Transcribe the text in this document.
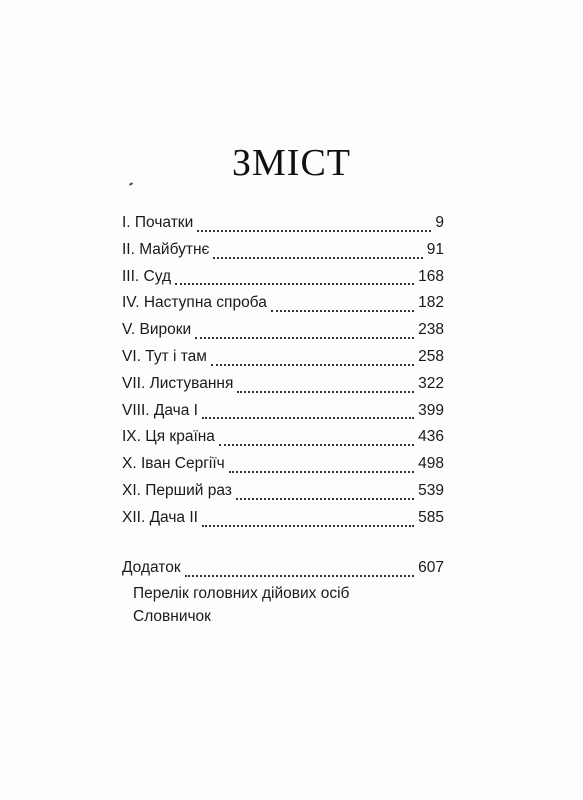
ЗМІСТ
I. Початки	9
II. Майбутнє	91
III. Суд	168
IV. Наступна спроба	182
V. Вироки	238
VI. Тут і там	258
VII. Листування	322
VIII. Дача I	399
IX. Ця країна	436
X. Іван Сергіїч	498
XI. Перший раз	539
XII. Дача II	585
Додаток	607
Перелік головних дійових осіб
Словничок
